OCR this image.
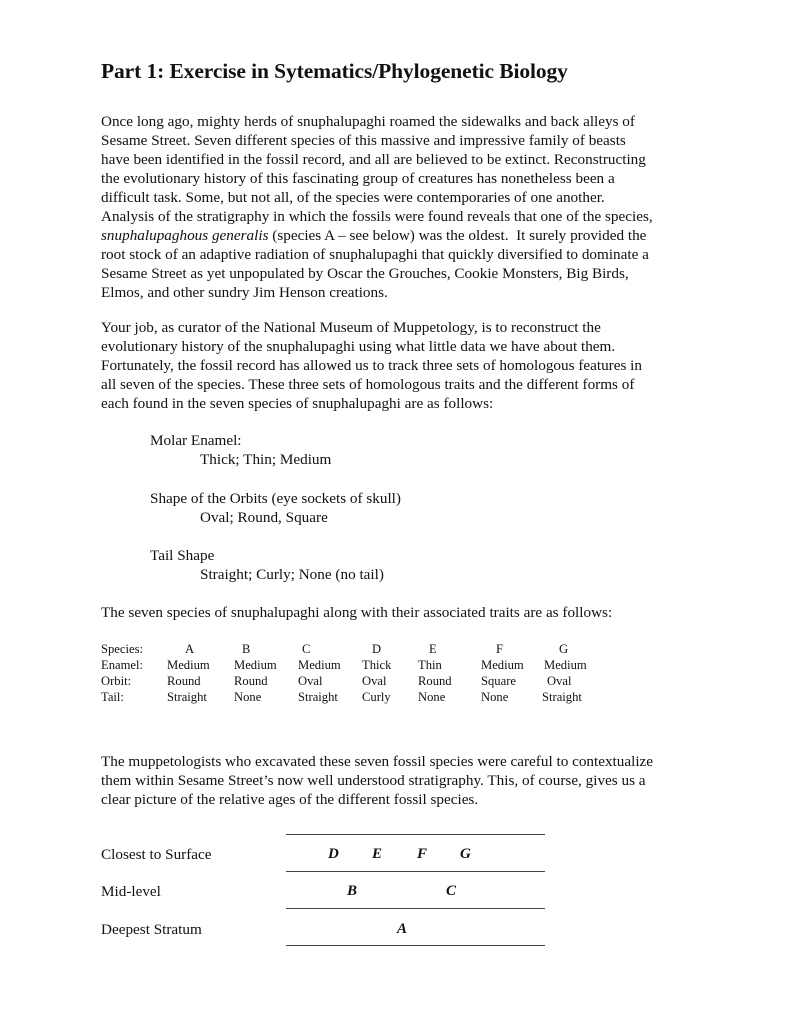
Part 1: Exercise in Sytematics/Phylogenetic Biology

Once long ago, mighty herds of snuphalupaghi roamed the sidewalks and back alleys of
Sesame Street. Seven different species of this massive and impressive family of beasts
have been identified in the fossil record, and all are believed to be extinct. Reconstructing
the evolutionary history of this fascinating group of creatures has nonetheless been a
difficult task. Some, but not all, of the species were contemporaries of one another.
Analysis of the stratigraphy in which the fossils were found reveals that one of the species,
snuphalupaghous generalis (species A – see below) was the oldest.  It surely provided the
root stock of an adaptive radiation of snuphalupaghi that quickly diversified to dominate a
Sesame Street as yet unpopulated by Oscar the Grouches, Cookie Monsters, Big Birds,
Elmos, and other sundry Jim Henson creations.

Your job, as curator of the National Museum of Muppetology, is to reconstruct the
evolutionary history of the snuphalupaghi using what little data we have about them.
Fortunately, the fossil record has allowed us to track three sets of homologous features in
all seven of the species. These three sets of homologous traits and the different forms of
each found in the seven species of snuphalupaghi are as follows:

Molar Enamel:
Thick; Thin; Medium
Shape of the Orbits (eye sockets of skull)
Oval; Round, Square
Tail Shape
Straight; Curly; None (no tail)

The seven species of snuphalupaghi along with their associated traits are as follows:

Species:
Enamel:
Orbit:
Tail:
A
Medium
Round
Straight
B
Medium
Round
None
C
Medium
Oval
Straight
D
Thick
Oval
Curly
E
Thin
Round
None
F
Medium
Square
None
G
Medium
Oval
Straight

The muppetologists who excavated these seven fossil species were careful to contextualize
them within Sesame Street’s now well understood stratigraphy. This, of course, gives us a
clear picture of the relative ages of the different fossil species.

Closest to Surface
Mid-level
Deepest Stratum
D E F G
B	C
A
